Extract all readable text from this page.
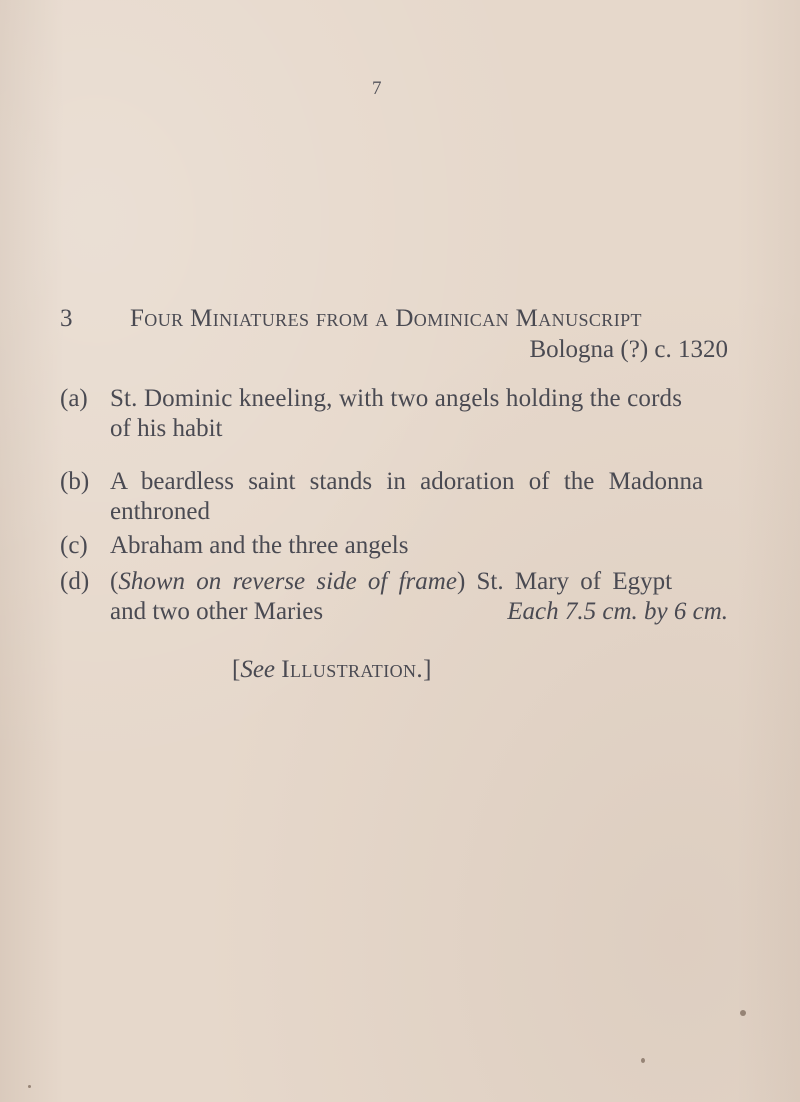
7
3 Four Miniatures from a Dominican Manuscript
Bologna (?) c. 1320
(a) St. Dominic kneeling, with two angels holding the cords
of his habit
(b) A beardless saint stands in adoration of the Madonna
enthroned
(c) Abraham and the three angels
(d) (Shown on reverse side of frame) St. Mary of Egypt
and two other Maries	Each 7.5 cm. by 6 cm.
[See Illustration.]
